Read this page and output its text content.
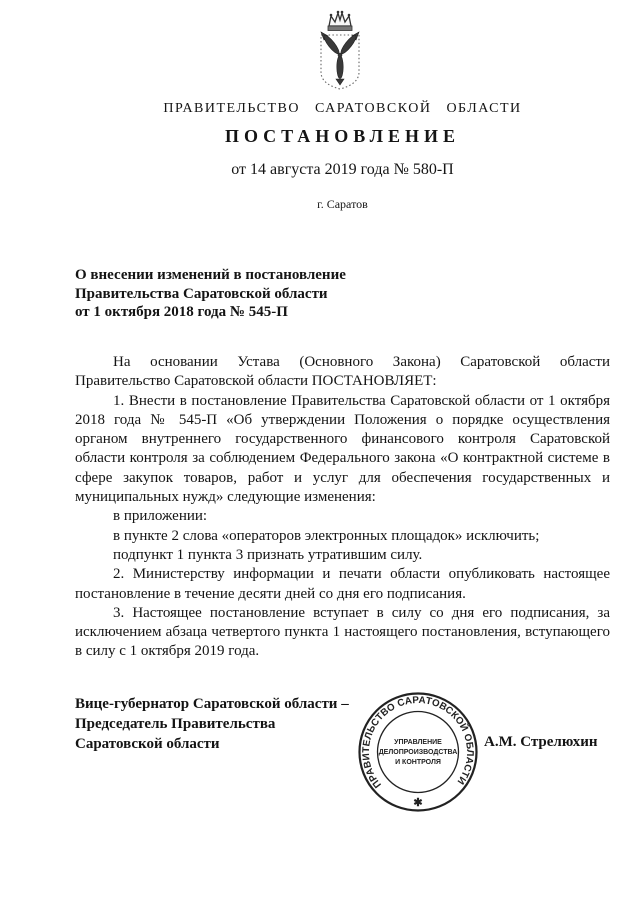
ПРАВИТЕЛЬСТВО САРАТОВСКОЙ ОБЛАСТИ
ПОСТАНОВЛЕНИЕ
от 14 августа 2019 года № 580-П
г. Саратов
О внесении изменений в постановление
Правительства Саратовской области
от 1 октября 2018 года № 545-П

На основании Устава (Основного Закона) Саратовской области Правительство Саратовской области ПОСТАНОВЛЯЕТ:

1. Внести в постановление Правительства Саратовской области от 1 октября 2018 года № 545-П «Об утверждении Положения о порядке осуществления органом внутреннего государственного финансового контроля Саратовской области контроля за соблюдением Федерального закона «О контрактной системе в сфере закупок товаров, работ и услуг для обеспечения государственных и муниципальных нужд» следующие изменения:

в приложении:

в пункте 2 слова «операторов электронных площадок» исключить;

подпункт 1 пункта 3 признать утратившим силу.

2. Министерству информации и печати области опубликовать настоящее постановление в течение десяти дней со дня его подписания.

3. Настоящее постановление вступает в силу со дня его подписания, за исключением абзаца четвертого пункта 1 настоящего постановления, вступающего в силу с 1 октября 2019 года.

Вице-губернатор Саратовской области –
Председатель Правительства
Саратовской области	А.М. Стрелюхин
ПРАВИТЕЛЬСТВО САРАТОВСКОЙ ОБЛАСТИ
✱
УПРАВЛЕНИЕ
ДЕЛОПРОИЗВОДСТВА
И КОНТРОЛЯ
